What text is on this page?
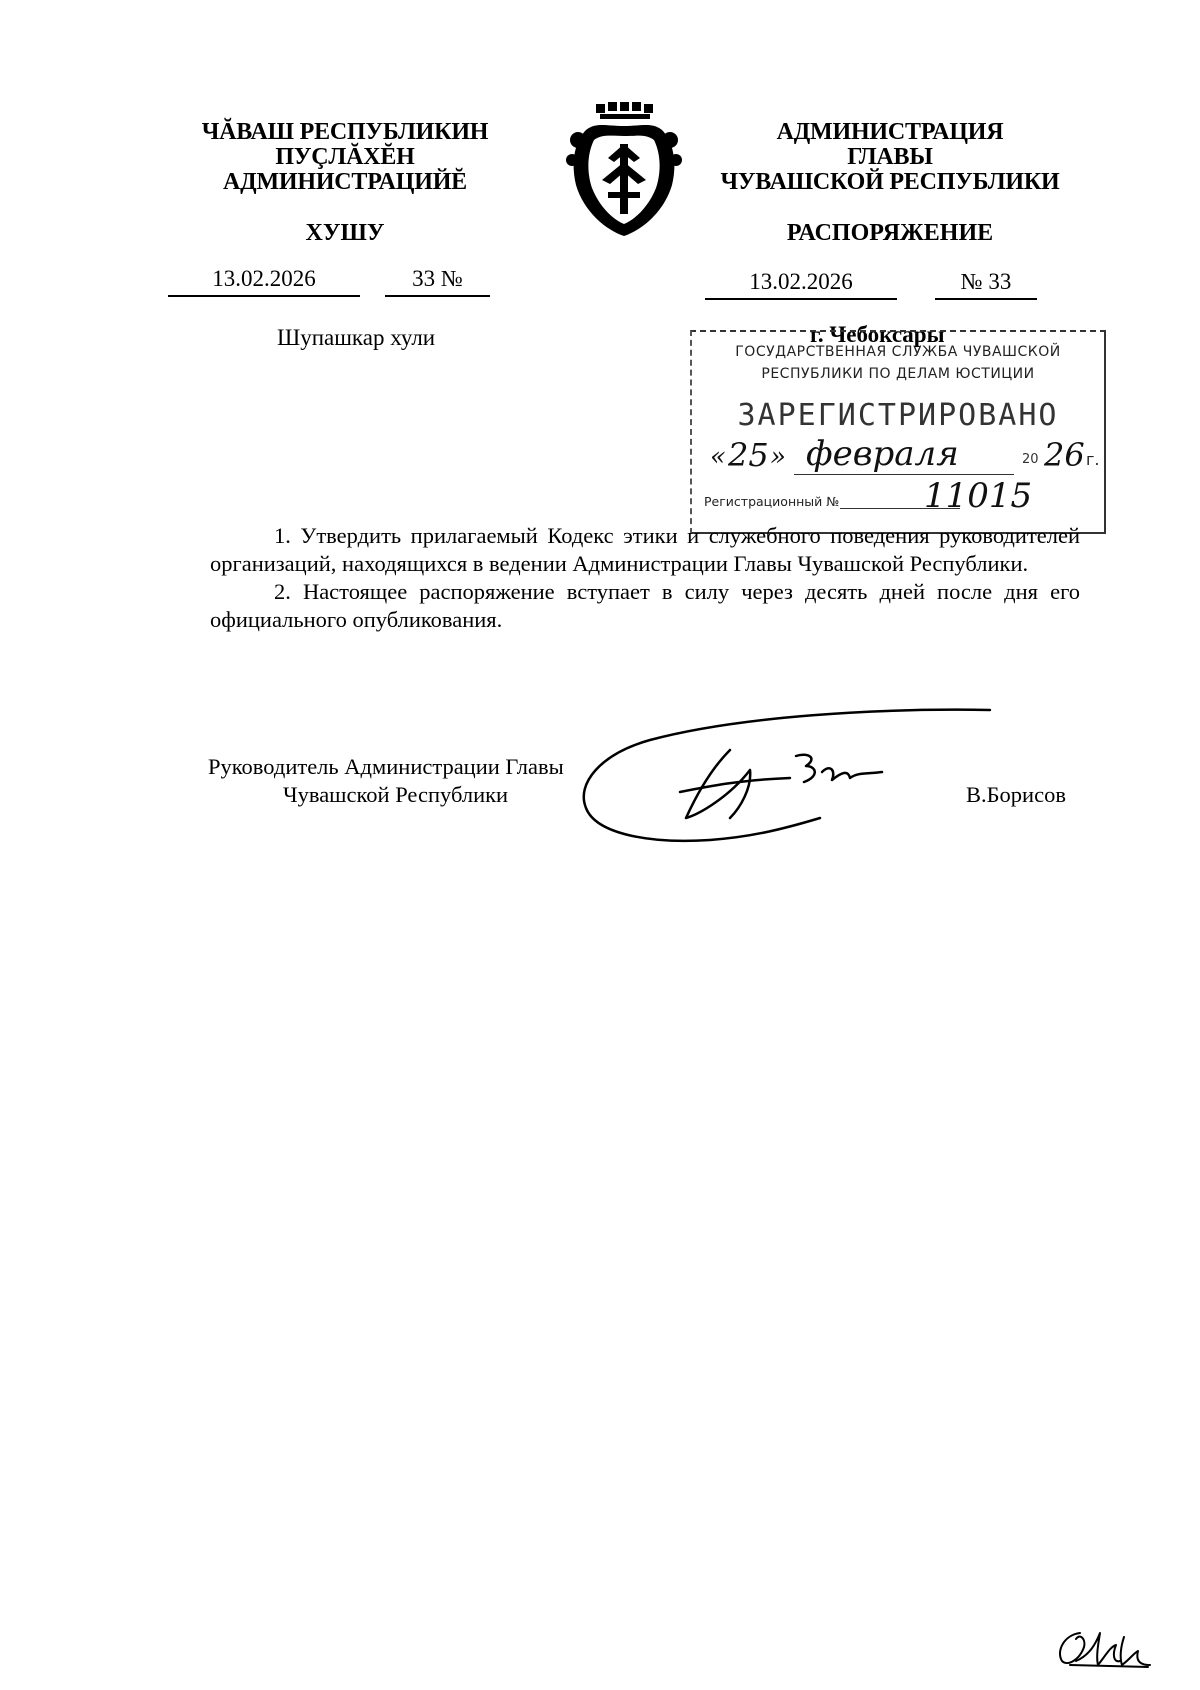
ЧĂВАШ РЕСПУБЛИКИН
ПУÇЛĂХĔН
АДМИНИСТРАЦИЙĔ
ХУШУ
13.02.2026	33 №
Шупашкар хули
АДМИНИСТРАЦИЯ
ГЛАВЫ
ЧУВАШСКОЙ РЕСПУБЛИКИ
РАСПОРЯЖЕНИЕ
13.02.2026	№ 33
г. Чебоксары
ГОСУДАРСТВЕННАЯ СЛУЖБА ЧУВАШСКОЙ
РЕСПУБЛИКИ ПО ДЕЛАМ ЮСТИЦИИ
ЗАРЕГИСТРИРОВАНО
« 25 » февраля	20 26 г.
Регистрационный № 11015

1. Утвердить прилагаемый Кодекс этики и служебного поведения руководителей организаций, находящихся в ведении Администрации Главы Чувашской Республики.

2. Настоящее распоряжение вступает в силу через десять дней после дня его официального опубликования.

Руководитель Администрации Главы
Чувашской Республики	В.Борисов
